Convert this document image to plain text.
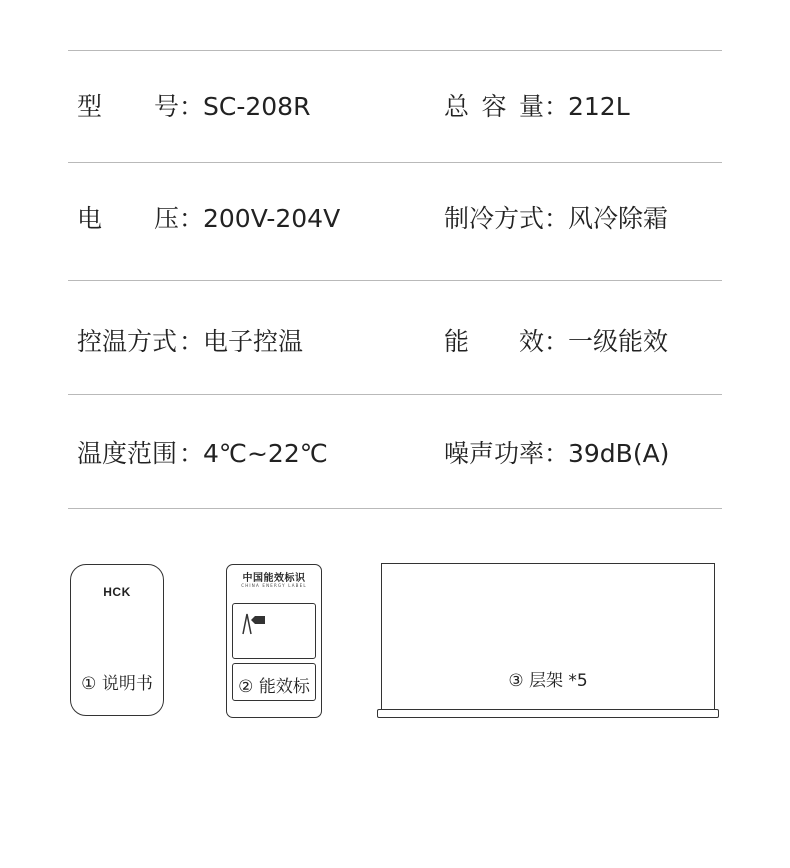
型 号 ：SC-208R	总 容 量 ：212L
电 压 ：200V-204V	制冷方式：风冷除霜
控温方式：电子控温	能 效 ：一级能效
温度范围：4℃~22℃	噪声功率：39dB(A)
HCK
① 说明书
中国能效标识
CHINA ENERGY LABEL
② 能效标	③ 层架 *5
